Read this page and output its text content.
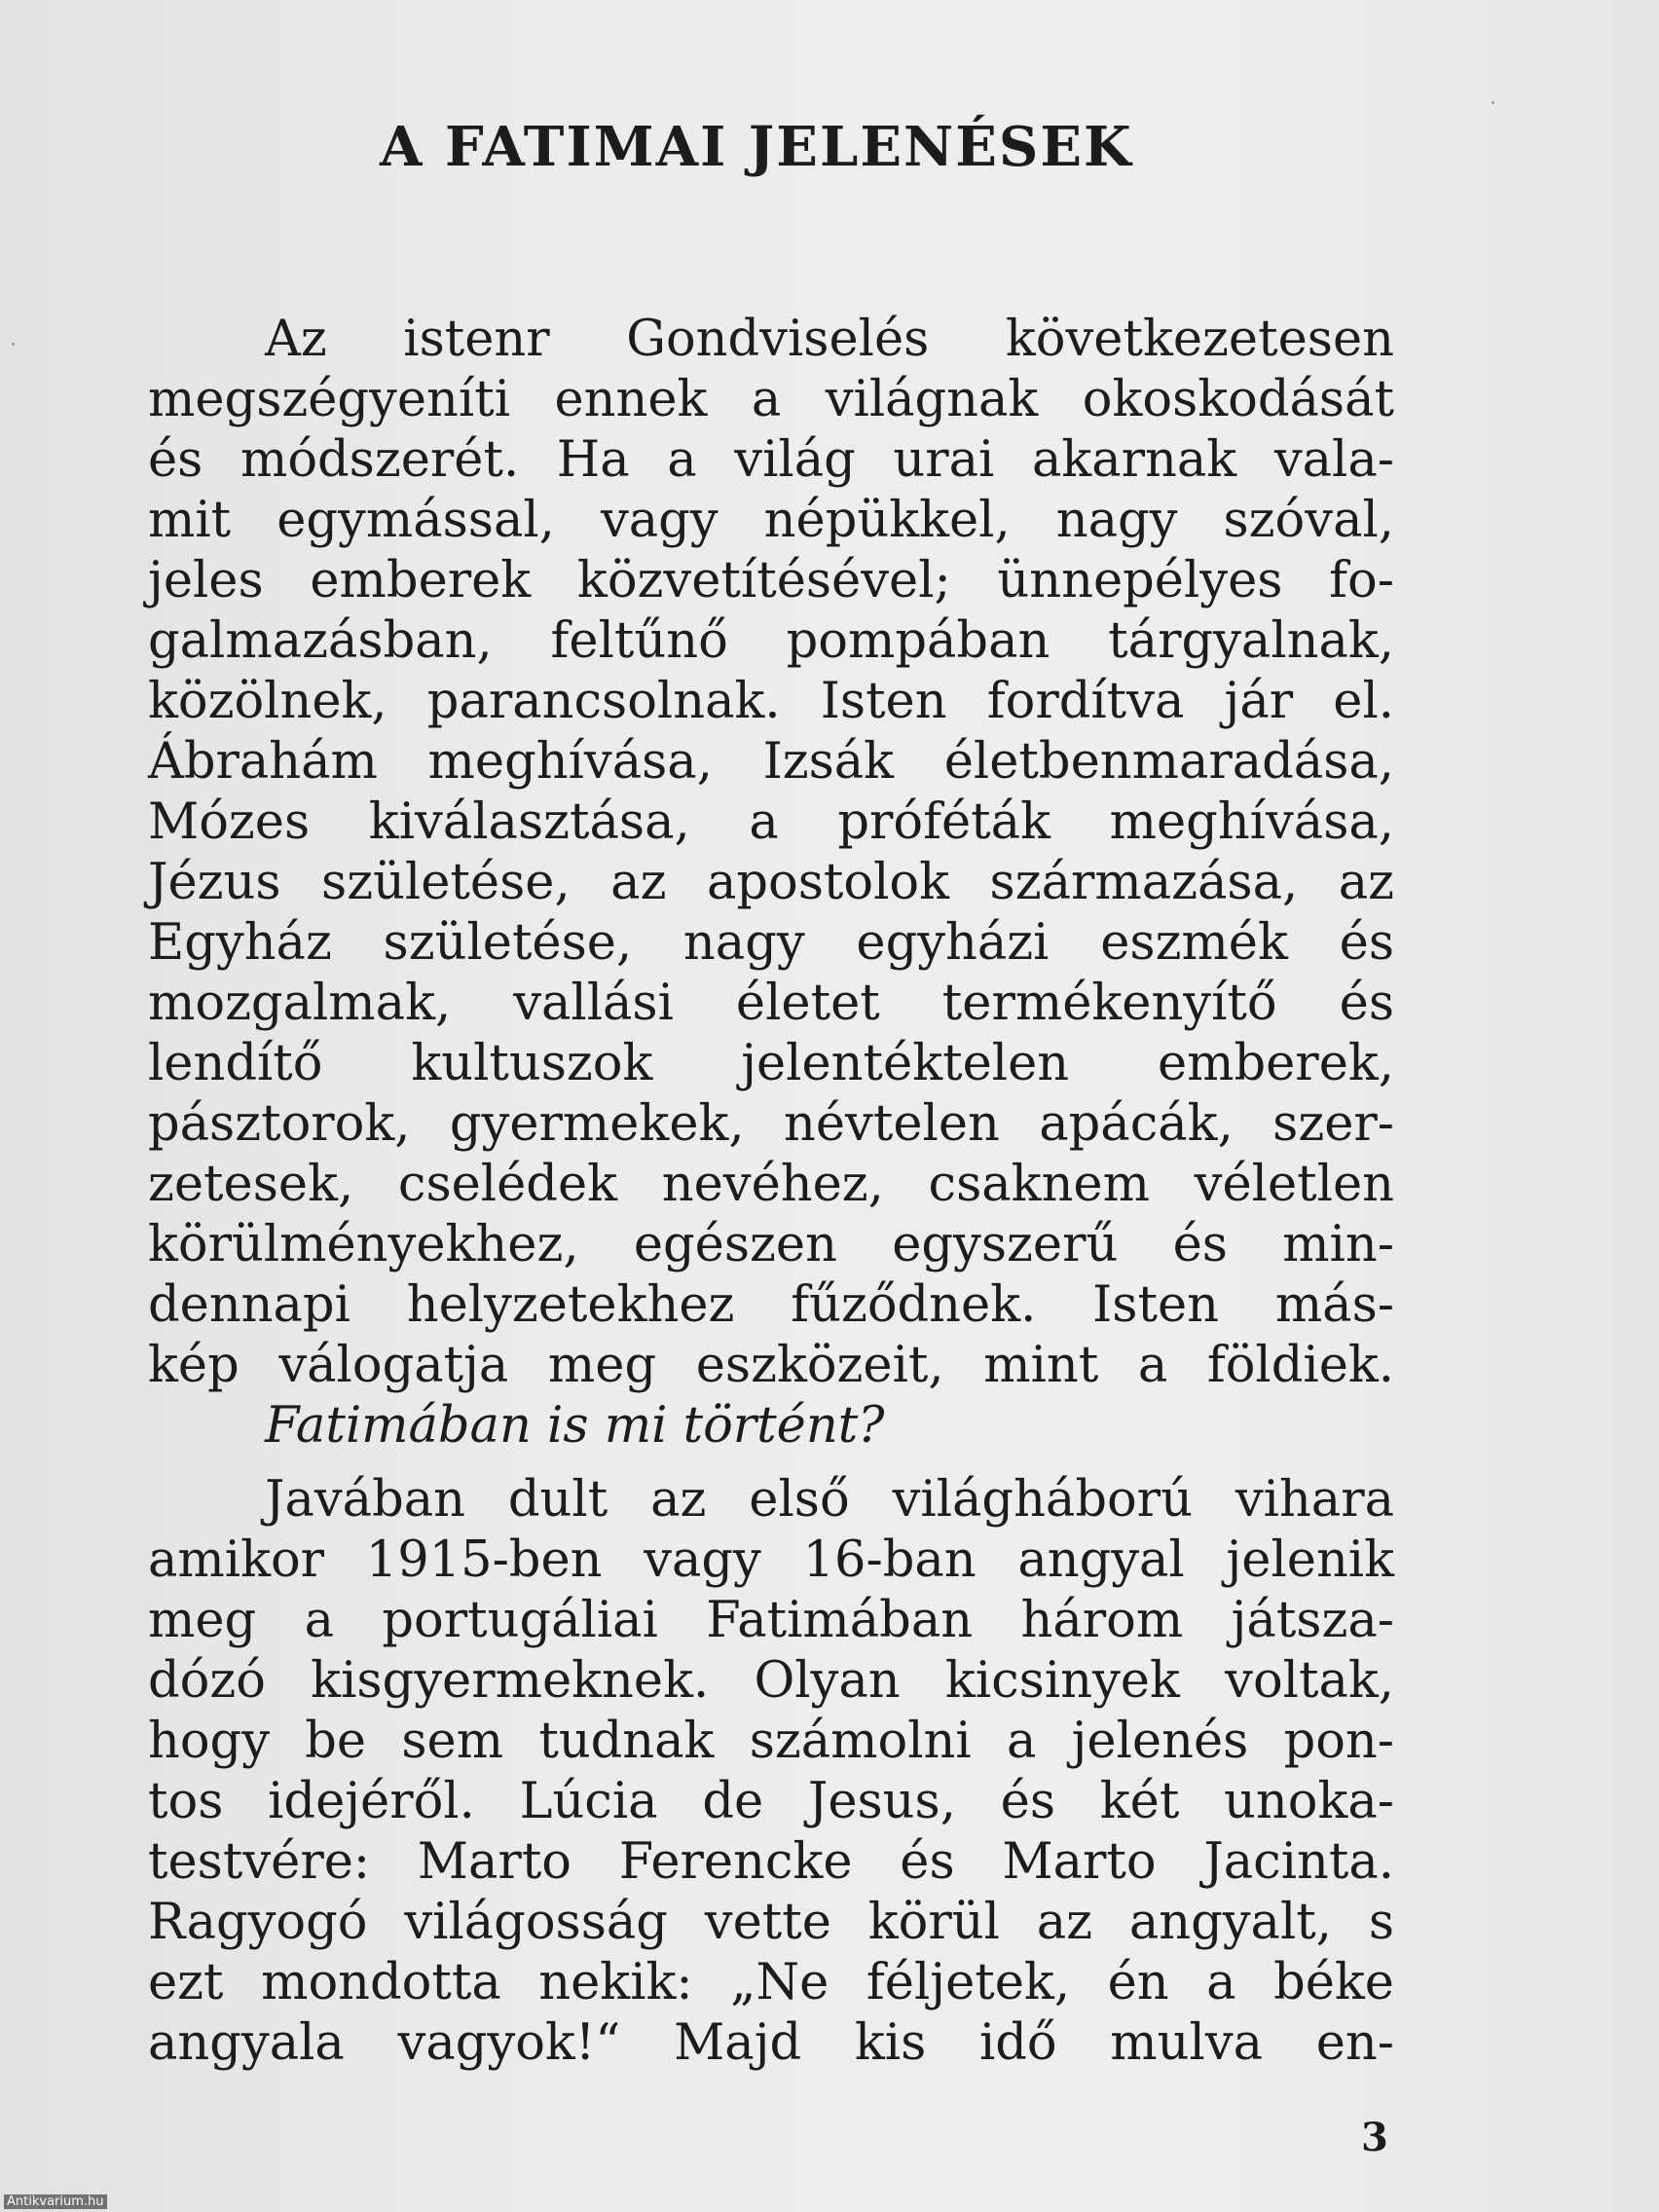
A FATIMAI JELENÉSEK
Az istenr Gondviselés következetesen
megszégyeníti ennek a világnak okoskodását
és módszerét. Ha a világ urai akarnak vala-
mit egymással, vagy népükkel, nagy szóval,
jeles emberek közvetítésével; ünnepélyes fo-
galmazásban, feltűnő pompában tárgyalnak,
közölnek, parancsolnak. Isten fordítva jár el.
Ábrahám meghívása, Izsák életbenmaradása,
Mózes kiválasztása, a próféták meghívása,
Jézus születése, az apostolok származása, az
Egyház születése, nagy egyházi eszmék és
mozgalmak, vallási életet termékenyítő és
lendítő kultuszok jelentéktelen emberek,
pásztorok, gyermekek, névtelen apácák, szer-
zetesek, cselédek nevéhez, csaknem véletlen
körülményekhez, egészen egyszerű és min-
dennapi helyzetekhez fűződnek. Isten más-
kép válogatja meg eszközeit, mint a földiek.
Fatimában is mi történt?
Javában dult az első világháború vihara
amikor 1915-ben vagy 16-ban angyal jelenik
meg a portugáliai Fatimában három játsza-
dózó kisgyermeknek. Olyan kicsinyek voltak,
hogy be sem tudnak számolni a jelenés pon-
tos idejéről. Lúcia de Jesus, és két unoka-
testvére: Marto Ferencke és Marto Jacinta.
Ragyogó világosság vette körül az angyalt, s
ezt mondotta nekik: „Ne féljetek, én a béke
angyala vagyok!“ Majd kis idő mulva en-
3
Antikvarium.hu
